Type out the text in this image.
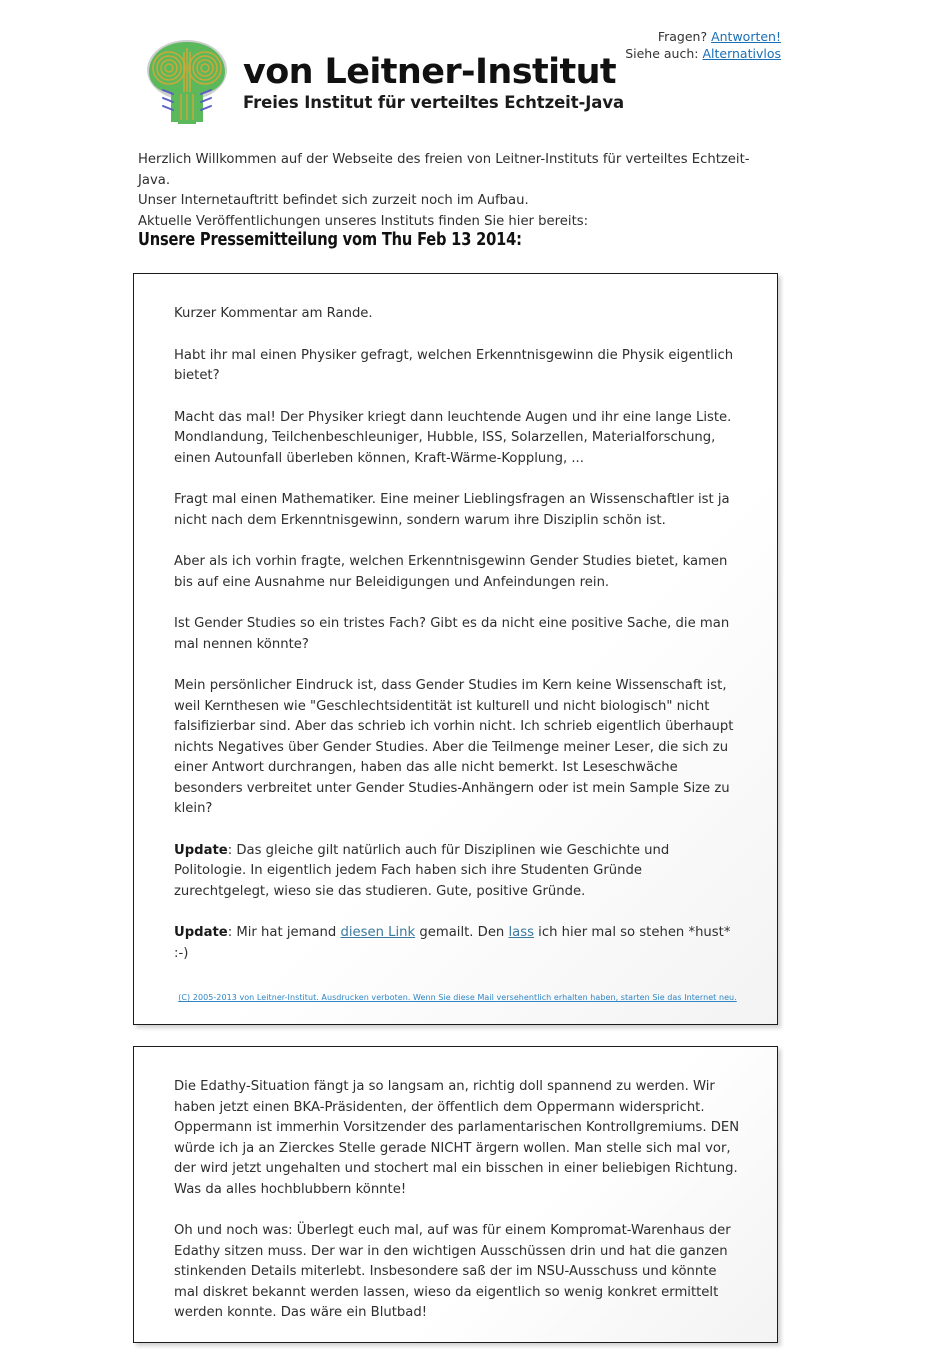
Fragen? Antworten!
Siehe auch: Alternativlos
von Leitner-Institut
Freies Institut für verteiltes Echtzeit-Java
Herzlich Willkommen auf der Webseite des freien von Leitner-Instituts für verteiltes Echtzeit-Java.
Unser Internetauftritt befindet sich zurzeit noch im Aufbau.
Aktuelle Veröffentlichungen unseres Instituts finden Sie hier bereits:
Unsere Pressemitteilung vom Thu Feb 13 2014:

Kurzer Kommentar am Rande.

Habt ihr mal einen Physiker gefragt, welchen Erkenntnisgewinn die Physik eigentlich bietet?

Macht das mal! Der Physiker kriegt dann leuchtende Augen und ihr eine lange Liste. Mondlandung, Teilchenbeschleuniger, Hubble, ISS, Solarzellen, Materialforschung, einen Autounfall überleben können, Kraft-Wärme-Kopplung, ...

Fragt mal einen Mathematiker. Eine meiner Lieblingsfragen an Wissenschaftler ist ja nicht nach dem Erkenntnisgewinn, sondern warum ihre Disziplin schön ist.

Aber als ich vorhin fragte, welchen Erkenntnisgewinn Gender Studies bietet, kamen bis auf eine Ausnahme nur Beleidigungen und Anfeindungen rein.

Ist Gender Studies so ein tristes Fach? Gibt es da nicht eine positive Sache, die man mal nennen könnte?

Mein persönlicher Eindruck ist, dass Gender Studies im Kern keine Wissenschaft ist, weil Kernthesen wie "Geschlechtsidentität ist kulturell und nicht biologisch" nicht falsifizierbar sind. Aber das schrieb ich vorhin nicht. Ich schrieb eigentlich überhaupt nichts Negatives über Gender Studies. Aber die Teilmenge meiner Leser, die sich zu einer Antwort durchrangen, haben das alle nicht bemerkt. Ist Leseschwäche besonders verbreitet unter Gender Studies-Anhängern oder ist mein Sample Size zu klein?

Update: Das gleiche gilt natürlich auch für Disziplinen wie Geschichte und Politologie. In eigentlich jedem Fach haben sich ihre Studenten Gründe zurechtgelegt, wieso sie das studieren. Gute, positive Gründe.

Update: Mir hat jemand diesen Link gemailt. Den lass ich hier mal so stehen *hust* :-)

(C) 2005-2013 von Leitner-Institut. Ausdrucken verboten. Wenn Sie diese Mail versehentlich erhalten haben, starten Sie das Internet neu.

Die Edathy-Situation fängt ja so langsam an, richtig doll spannend zu werden. Wir haben jetzt einen BKA-Präsidenten, der öffentlich dem Oppermann widerspricht. Oppermann ist immerhin Vorsitzender des parlamentarischen Kontrollgremiums. DEN würde ich ja an Zierckes Stelle gerade NICHT ärgern wollen. Man stelle sich mal vor, der wird jetzt ungehalten und stochert mal ein bisschen in einer beliebigen Richtung. Was da alles hochblubbern könnte!

Oh und noch was: Überlegt euch mal, auf was für einem Kompromat-Warenhaus der Edathy sitzen muss. Der war in den wichtigen Ausschüssen drin und hat die ganzen stinkenden Details miterlebt. Insbesondere saß der im NSU-Ausschuss und könnte mal diskret bekannt werden lassen, wieso da eigentlich so wenig konkret ermittelt werden konnte. Das wäre ein Blutbad!
